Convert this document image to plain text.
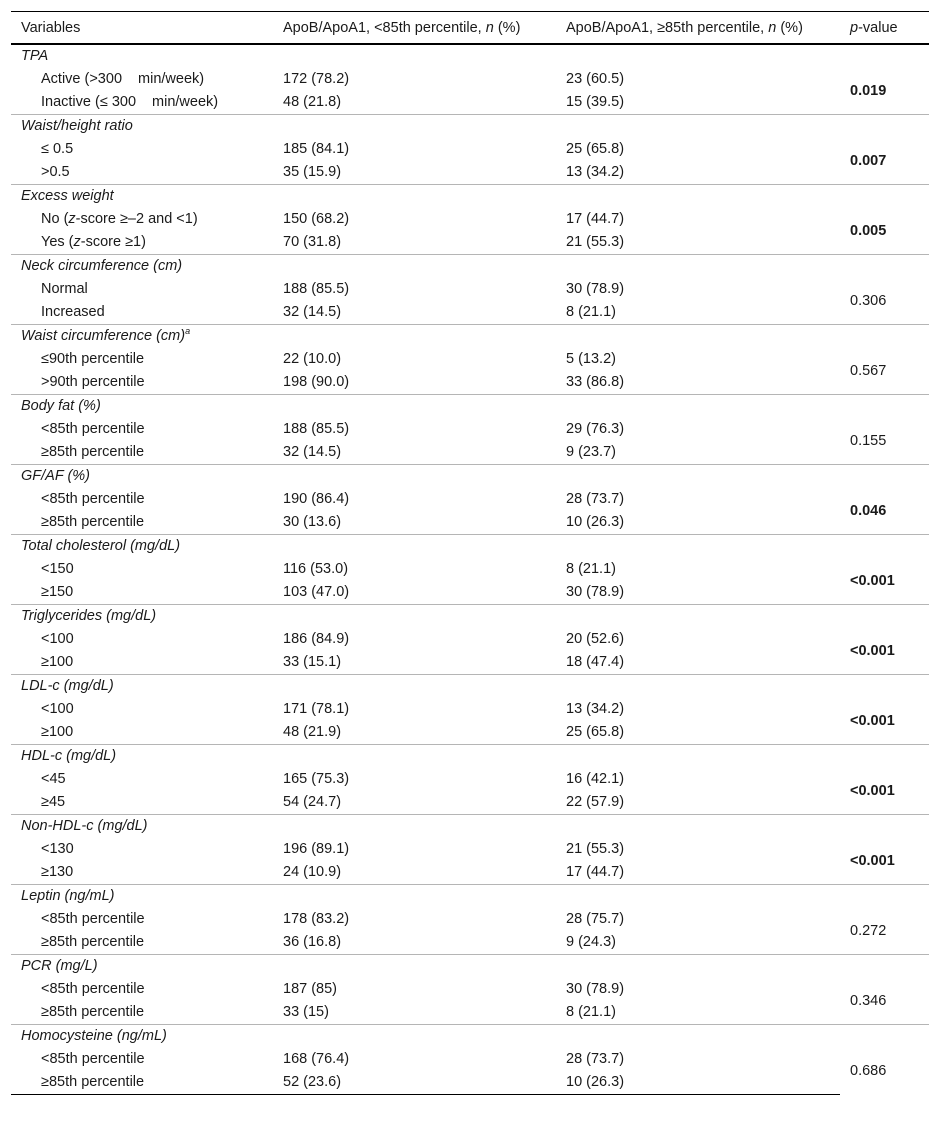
Variables	ApoB/ApoA1, <85th percentile, n (%)	ApoB/ApoA1, ≥85th percentile, n (%)	p-value
TPA			
Active (>300 min/week)	172 (78.2)	23 (60.5)	0.019
Inactive (≤ 300 min/week)	48 (21.8)	15 (39.5)	
Waist/height ratio			
≤ 0.5	185 (84.1)	25 (65.8)	0.007
>0.5	35 (15.9)	13 (34.2)	
Excess weight			
No (z-score ≥–2 and <1)	150 (68.2)	17 (44.7)	0.005
Yes (z-score ≥1)	70 (31.8)	21 (55.3)	
Neck circumference (cm)			
Normal	188 (85.5)	30 (78.9)	0.306
Increased	32 (14.5)	8 (21.1)	
Waist circumference (cm)$^a$
≤90th percentile	22 (10.0)	5 (13.2)	0.567
>90th percentile	198 (90.0)	33 (86.8)	
Body fat (%)			
<85th percentile	188 (85.5)	29 (76.3)	0.155
≥85th percentile	32 (14.5)	9 (23.7)	
GF/AF (%)			
<85th percentile	190 (86.4)	28 (73.7)	0.046
≥85th percentile	30 (13.6)	10 (26.3)	
Total cholesterol (mg/dL)			
<150	116 (53.0)	8 (21.1)	<0.001
≥150	103 (47.0)	30 (78.9)	
Triglycerides (mg/dL)			
<100	186 (84.9)	20 (52.6)	<0.001
≥100	33 (15.1)	18 (47.4)	
LDL-c (mg/dL)			
<100	171 (78.1)	13 (34.2)	<0.001
≥100	48 (21.9)	25 (65.8)	
HDL-c (mg/dL)			
<45	165 (75.3)	16 (42.1)	<0.001
≥45	54 (24.7)	22 (57.9)	
Non-HDL-c (mg/dL)			
<130	196 (89.1)	21 (55.3)	<0.001
≥130	24 (10.9)	17 (44.7)	
Leptin (ng/mL)			
<85th percentile	178 (83.2)	28 (75.7)	0.272
≥85th percentile	36 (16.8)	9 (24.3)	
PCR (mg/L)			
<85th percentile	187 (85)	30 (78.9)	0.346
≥85th percentile	33 (15)	8 (21.1)	
Homocysteine (ng/mL)			
<85th percentile	168 (76.4)	28 (73.7)	0.686
≥85th percentile	52 (23.6)	10 (26.3)	
